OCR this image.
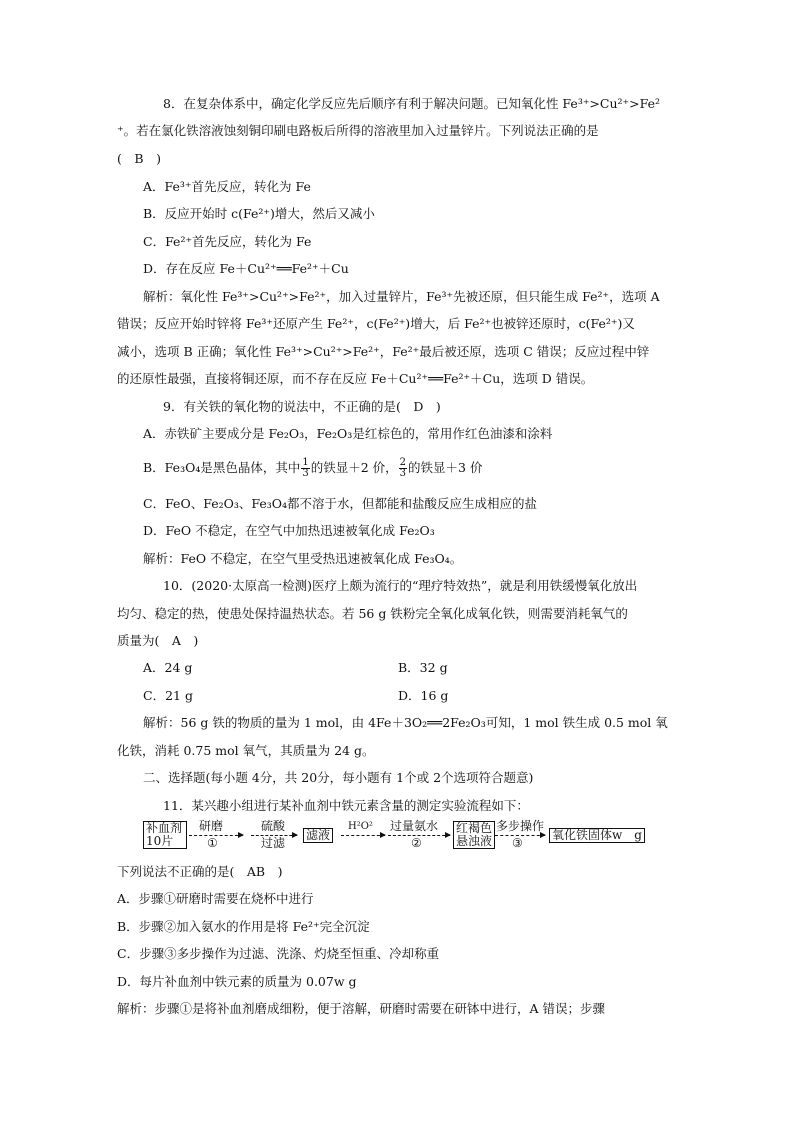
8．在复杂体系中，确定化学反应先后顺序有利于解决问题。已知氧化性 Fe³⁺>Cu²⁺>Fe²
⁺。若在氯化铁溶液蚀刻铜印刷电路板后所得的溶液里加入过量锌片。下列说法正确的是
(　B　)
A．Fe³⁺首先反应，转化为 Fe
B．反应开始时 c(Fe²⁺)增大，然后又减小
C．Fe²⁺首先反应，转化为 Fe
D．存在反应 Fe＋Cu²⁺══Fe²⁺＋Cu
解析：氧化性 Fe³⁺>Cu²⁺>Fe²⁺，加入过量锌片，Fe³⁺先被还原，但只能生成 Fe²⁺，选项 A
错误；反应开始时锌将 Fe³⁺还原产生 Fe²⁺，c(Fe²⁺)增大，后 Fe²⁺也被锌还原时，c(Fe²⁺)又
减小，选项 B 正确；氧化性 Fe³⁺>Cu²⁺>Fe²⁺，Fe²⁺最后被还原，选项 C 错误；反应过程中锌
的还原性最强，直接将铜还原，而不存在反应 Fe＋Cu²⁺══Fe²⁺＋Cu，选项 D 错误。
9．有关铁的氧化物的说法中，不正确的是(　D　)
A．赤铁矿主要成分是 Fe₂O₃，Fe₂O₃是红棕色的，常用作红色油漆和涂料
B．Fe₃O₄是黑色晶体，其中 $\frac{1}{3}$ 的铁显＋2 价， $\frac{2}{3}$ 的铁显＋3 价
C．FeO、Fe₂O₃、Fe₃O₄都不溶于水，但都能和盐酸反应生成相应的盐
D．FeO 不稳定，在空气中加热迅速被氧化成 Fe₂O₃
解析：FeO 不稳定，在空气里受热迅速被氧化成 Fe₃O₄。
10．(2020·太原高一检测)医疗上颇为流行的“理疗特效热”，就是利用铁缓慢氧化放出
均匀、稳定的热，使患处保持温热状态。若 56 g 铁粉完全氧化成氧化铁，则需要消耗氧气的
质量为(　A　)
A．24 g	B．32 g
C．21 g	D．16 g
解析：56 g 铁的物质的量为 1 mol，由 4Fe＋3O₂══2Fe₂O₃可知，1 mol 铁生成 0.5 mol 氧
化铁，消耗 0.75 mol 氧气，其质量为 24 g。
二、选择题(每小题 4分，共 20分，每小题有 1个或 2个选项符合题意)
11．某兴趣小组进行某补血剂中铁元素含量的测定实验流程如下：
补血剂
10片
研磨
①
硫酸
过滤
滤液
H²O² 过量氨水
②
红褐色
悬浊液
多步操作
③
氧化铁固体w　g
下列说法不正确的是(　AB　)
A．步骤①研磨时需要在烧杯中进行
B．步骤②加入氨水的作用是将 Fe²⁺完全沉淀
C．步骤③多步操作为过滤、洗涤、灼烧至恒重、冷却称重
D．每片补血剂中铁元素的质量为 0.07w g
解析：步骤①是将补血剂磨成细粉，便于溶解，研磨时需要在研钵中进行，A 错误；步骤
